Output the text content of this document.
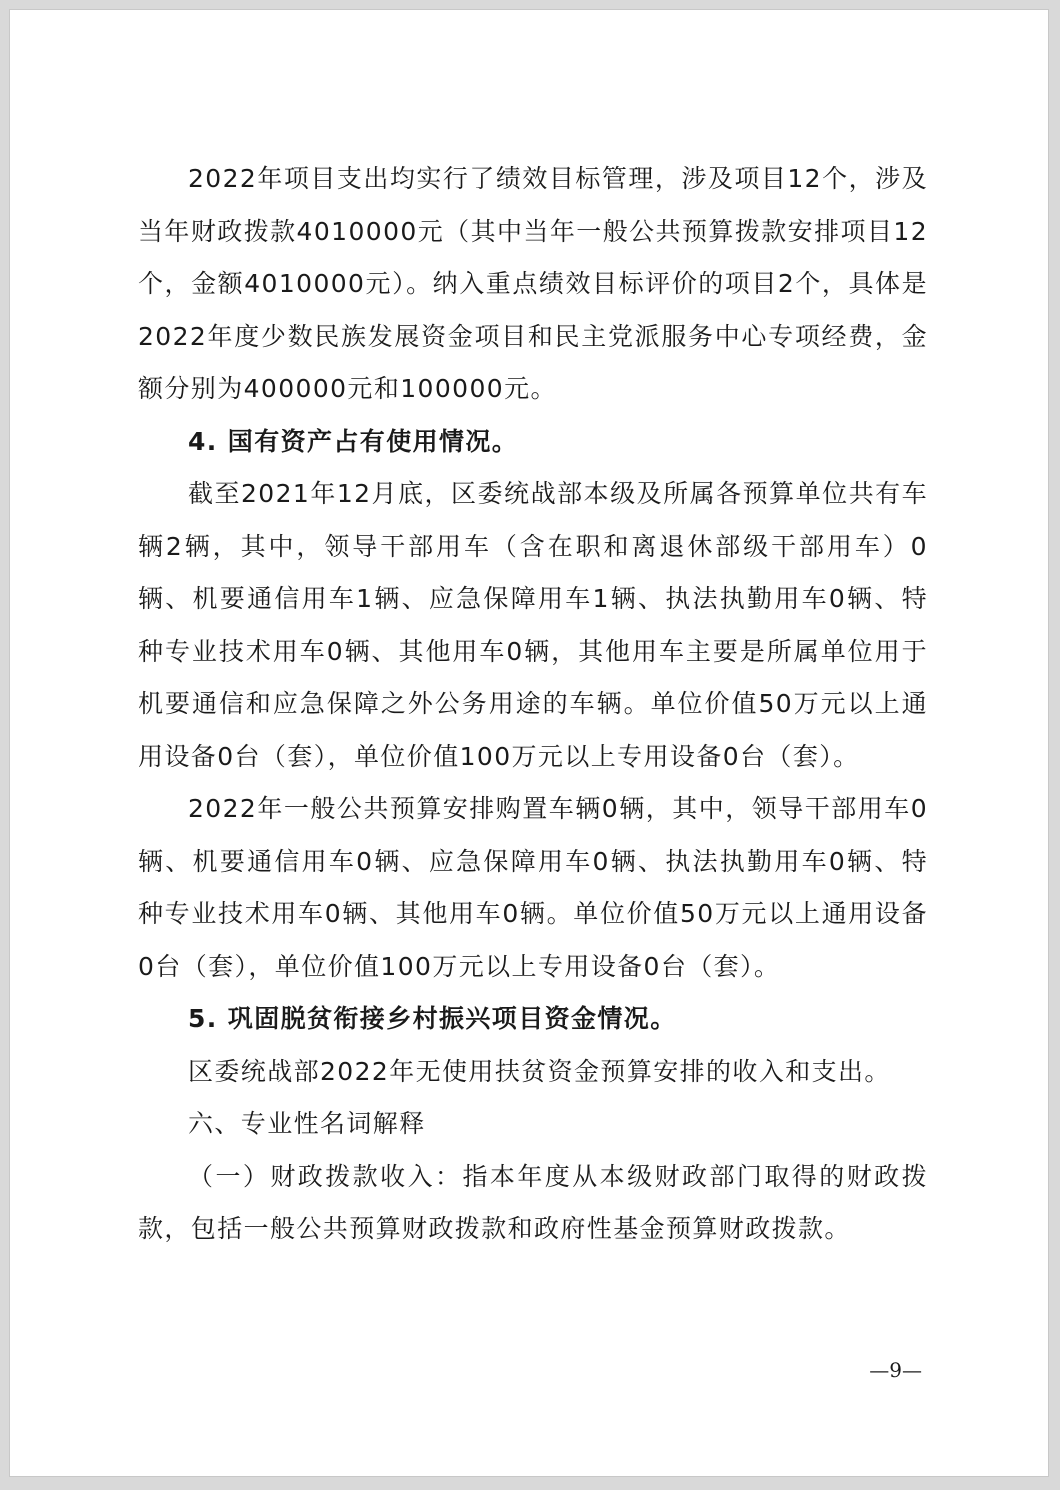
2022年项目支出均实行了绩效目标管理，涉及项目12个，涉及当年财政拨款4010000元（其中当年一般公共预算拨款安排项目12个，金额4010000元）。纳入重点绩效目标评价的项目2个，具体是2022年度少数民族发展资金项目和民主党派服务中心专项经费，金额分别为400000元和100000元。

4. 国有资产占有使用情况。

截至2021年12月底，区委统战部本级及所属各预算单位共有车辆2辆，其中，领导干部用车（含在职和离退休部级干部用车）0辆、机要通信用车1辆、应急保障用车1辆、执法执勤用车0辆、特种专业技术用车0辆、其他用车0辆，其他用车主要是所属单位用于机要通信和应急保障之外公务用途的车辆。单位价值50万元以上通用设备0台（套），单位价值100万元以上专用设备0台（套）。

2022年一般公共预算安排购置车辆0辆，其中，领导干部用车0辆、机要通信用车0辆、应急保障用车0辆、执法执勤用车0辆、特种专业技术用车0辆、其他用车0辆。单位价值50万元以上通用设备0台（套），单位价值100万元以上专用设备0台（套）。

5. 巩固脱贫衔接乡村振兴项目资金情况。

区委统战部2022年无使用扶贫资金预算安排的收入和支出。

六、专业性名词解释

（一）财政拨款收入：指本年度从本级财政部门取得的财政拨款，包括一般公共预算财政拨款和政府性基金预算财政拨款。

—9—
